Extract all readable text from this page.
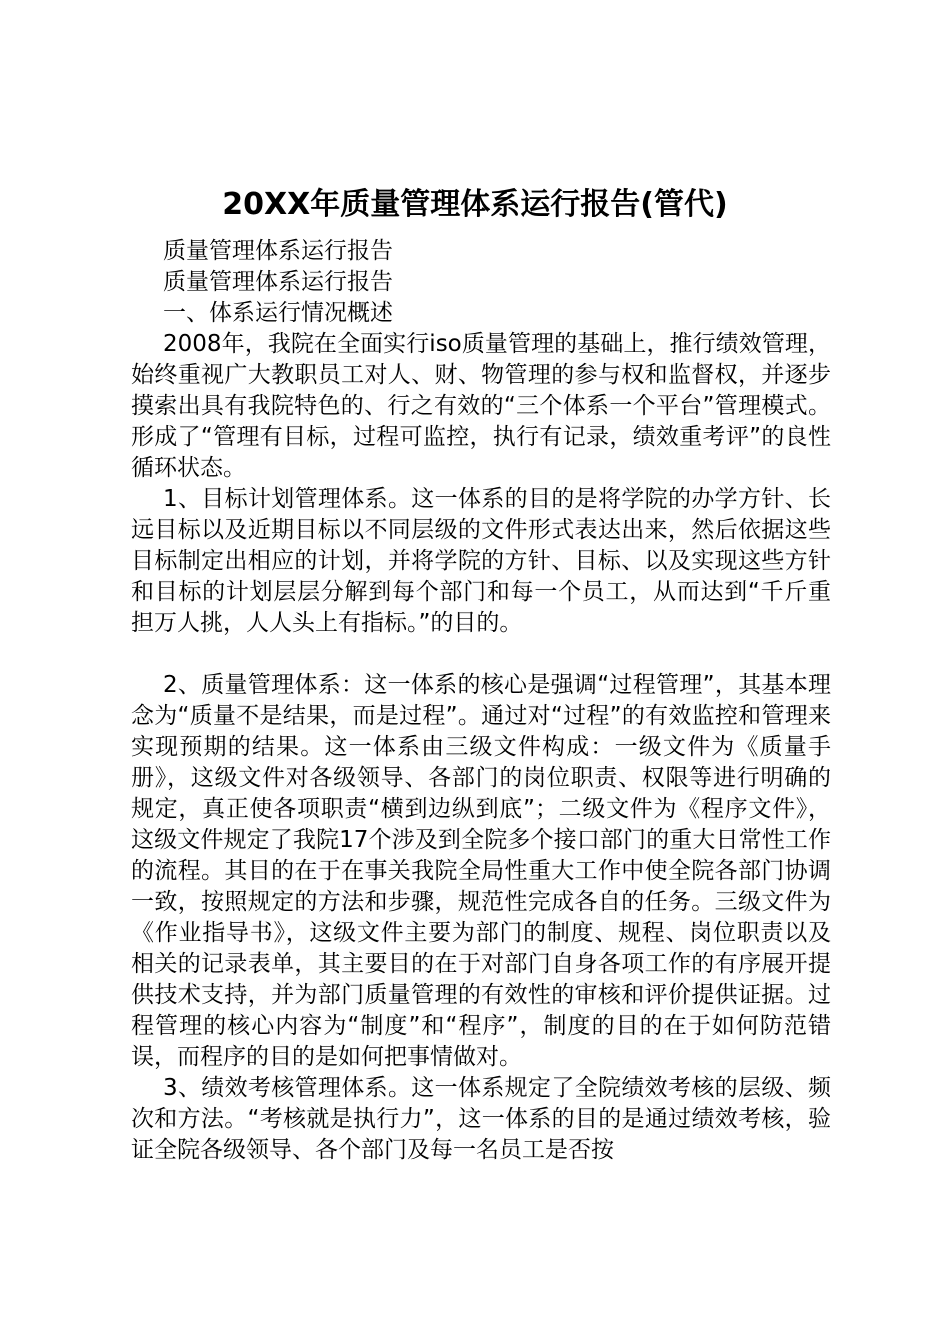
20XX年质量管理体系运行报告(管代)

质量管理体系运行报告

质量管理体系运行报告

一、体系运行情况概述

2008年，我院在全面实行iso质量管理的基础上，推行绩效管理，始终重视广大教职员工对人、财、物管理的参与权和监督权，并逐步摸索出具有我院特色的、行之有效的“三个体系一个平台”管理模式。形成了“管理有目标，过程可监控，执行有记录，绩效重考评”的良性循环状态。

1、目标计划管理体系。这一体系的目的是将学院的办学方针、长远目标以及近期目标以不同层级的文件形式表达出来，然后依据这些目标制定出相应的计划，并将学院的方针、目标、以及实现这些方针和目标的计划层层分解到每个部门和每一个员工，从而达到“千斤重担万人挑，人人头上有指标。”的目的。

2、质量管理体系：这一体系的核心是强调“过程管理”，其基本理念为“质量不是结果，而是过程”。通过对“过程”的有效监控和管理来实现预期的结果。这一体系由三级文件构成：一级文件为《质量手册》，这级文件对各级领导、各部门的岗位职责、权限等进行明确的规定，真正使各项职责“横到边纵到底”；二级文件为《程序文件》，这级文件规定了我院17个涉及到全院多个接口部门的重大日常性工作的流程。其目的在于在事关我院全局性重大工作中使全院各部门协调一致，按照规定的方法和步骤，规范性完成各自的任务。三级文件为《作业指导书》，这级文件主要为部门的制度、规程、岗位职责以及相关的记录表单，其主要目的在于对部门自身各项工作的有序展开提供技术支持，并为部门质量管理的有效性的审核和评价提供证据。过程管理的核心内容为“制度”和“程序”，制度的目的在于如何防范错误，而程序的目的是如何把事情做对。

3、绩效考核管理体系。这一体系规定了全院绩效考核的层级、频次和方法。“考核就是执行力”，这一体系的目的是通过绩效考核，验证全院各级领导、各个部门及每一名员工是否按
